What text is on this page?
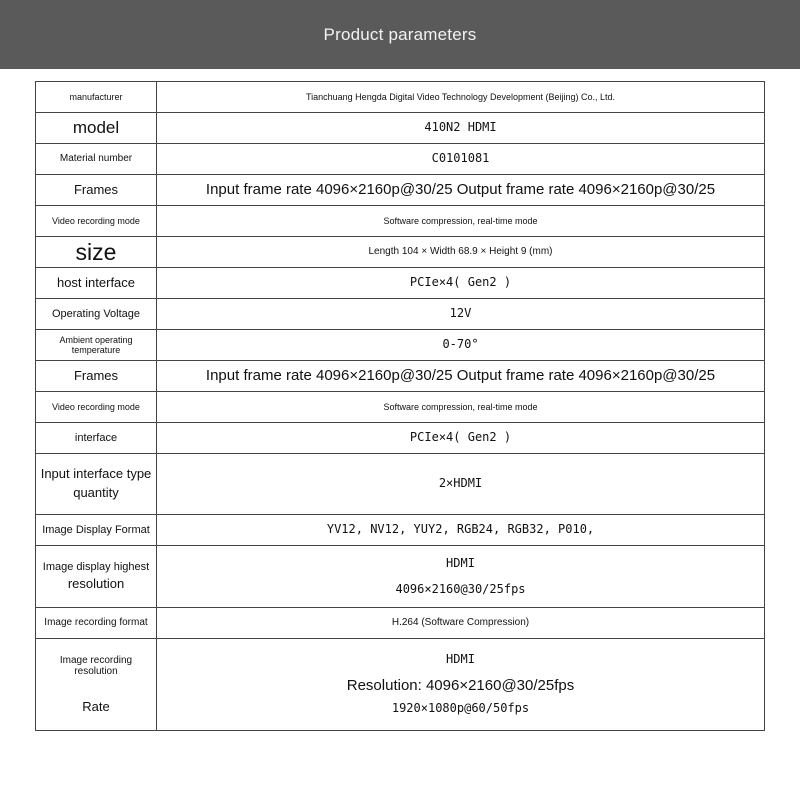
Product parameters
manufacturer	Tianchuang Hengda Digital Video Technology Development (Beijing) Co., Ltd.
model	410N2 HDMI
Material number	C0101081
Frames	Input frame rate 4096×2160p@30/25 Output frame rate 4096×2160p@30/25
Video recording mode	Software compression, real-time mode
size	Length 104 × Width 68.9 × Height 9 (mm)
host interface	PCIe×4( Gen2 )
Operating Voltage	12V
Ambient operating temperature	0-70°
Frames	Input frame rate 4096×2160p@30/25 Output frame rate 4096×2160p@30/25
Video recording mode	Software compression, real-time mode
interface	PCIe×4( Gen2 )

Input interface type
quantity	2×HDMI
Image Display Format	YV12, NV12, YUY2, RGB24, RGB32, P010,

Image display highest
resolution	HDMI
4096×2160@30/25fps

Image recording format	H.264 (Software Compression)

Image recording resolution
Rate	HDMI
Resolution: 4096×2160@30/25fps
1920×1080p@60/50fps
